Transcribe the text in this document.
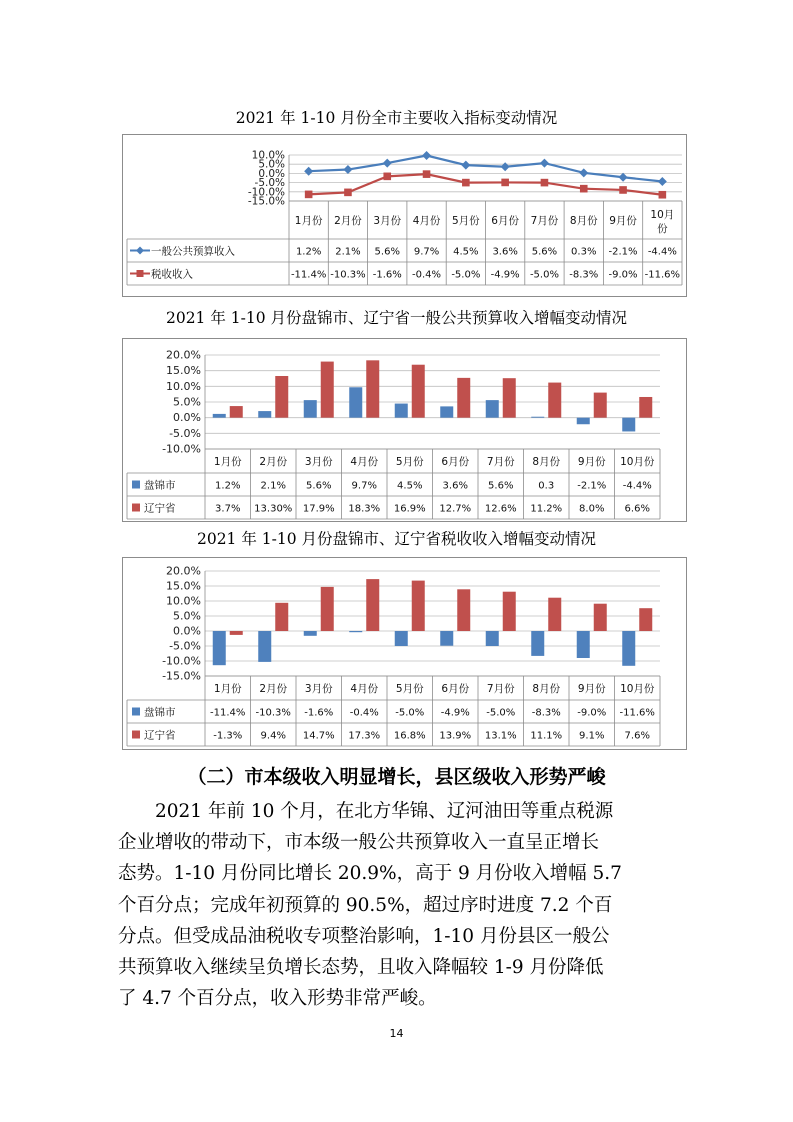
2021 年 1-10 月份全市主要收入指标变动情况
10.0%
5.0%
0.0%
-5.0%
-10.0%
-15.0%
1月份 2月份 3月份 4月份 5月份 6月份 7月份 8月份 9月份 10月
份
一般公共预算收入	1.2% 2.1% 5.6% 9.7% 4.5% 3.6% 5.6% 0.3% -2.1% -4.4%
税收收入	-11.4% -10.3% -1.6% -0.4% -5.0% -4.9% -5.0% -8.3% -9.0% -11.6%
2021 年 1-10 月份盘锦市、辽宁省一般公共预算收入增幅变动情况
20.0%
15.0%
10.0%
5.0%
0.0%
-5.0%
-10.0%
1月份 2月份 3月份 4月份 5月份 6月份 7月份 8月份 9月份 10月份
盘锦市	1.2% 2.1% 5.6% 9.7% 4.5% 3.6% 5.6% 0.3 -2.1% -4.4%
辽宁省	3.7% 13.30% 17.9% 18.3% 16.9% 12.7% 12.6% 11.2% 8.0% 6.6%
2021 年 1-10 月份盘锦市、辽宁省税收收入增幅变动情况
20.0%
15.0%
10.0%
5.0%
0.0%
-5.0%
-10.0%
-15.0%
1月份 2月份 3月份 4月份 5月份 6月份 7月份 8月份 9月份 10月份
盘锦市	-11.4% -10.3% -1.6% -0.4% -5.0% -4.9% -5.0% -8.3% -9.0% -11.6%
辽宁省	-1.3% 9.4% 14.7% 17.3% 16.8% 13.9% 13.1% 11.1% 9.1% 7.6%
（二）市本级收入明显增长，县区级收入形势严峻
　　2021 年前 10 个月，在北方华锦、辽河油田等重点税源
企业增收的带动下，市本级一般公共预算收入一直呈正增长
态势。1-10 月份同比增长 20.9%，高于 9 月份收入增幅 5.7
个百分点；完成年初预算的 90.5%，超过序时进度 7.2 个百
分点。但受成品油税收专项整治影响，1-10 月份县区一般公
共预算收入继续呈负增长态势，且收入降幅较 1-9 月份降低
了 4.7 个百分点，收入形势非常严峻。
14
